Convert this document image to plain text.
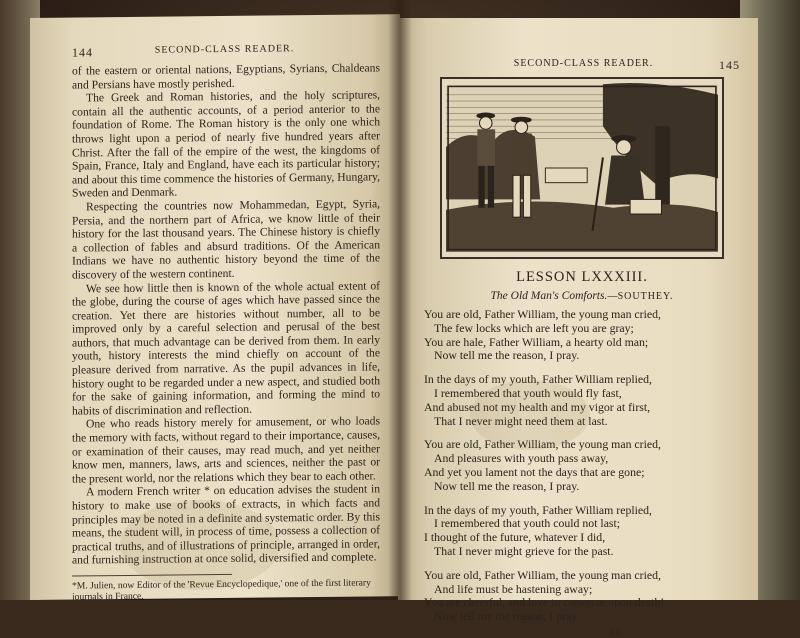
144	SECOND-CLASS READER.

of the eastern or oriental nations, Egyptians, Syrians, Chaldeans and Persians have mostly perished.

The Greek and Roman histories, and the holy scriptures, contain all the authentic accounts, of a period anterior to the foundation of Rome. The Roman history is the only one which throws light upon a period of nearly five hundred years after Christ. After the fall of the empire of the west, the kingdoms of Spain, France, Italy and England, have each its particular history; and about this time commence the histories of Germany, Hungary, Sweden and Denmark.

Respecting the countries now Mohammedan, Egypt, Syria, Persia, and the northern part of Africa, we know little of their history for the last thousand years. The Chinese history is chiefly a collection of fables and absurd traditions. Of the American Indians we have no authentic history beyond the time of the discovery of the western continent.

We see how little then is known of the whole actual extent of the globe, during the course of ages which have passed since the creation. Yet there are histories without number, all to be improved only by a careful selection and perusal of the best authors, that much advantage can be derived from them. In early youth, history interests the mind chiefly on account of the pleasure derived from narrative. As the pupil advances in life, history ought to be regarded under a new aspect, and studied both for the sake of gaining information, and forming the mind to habits of discrimination and reflection.

One who reads history merely for amusement, or who loads the memory with facts, without regard to their importance, causes, or examination of their causes, may read much, and yet neither know men, manners, laws, arts and sciences, neither the past or the present world, nor the relations which they bear to each other.

A modern French writer * on education advises the student in history to make use of books of extracts, in which facts and principles may be noted in a definite and systematic order. By this means, the student will, in process of time, possess a collection of practical truths, and of illustrations of principle, arranged in order, and furnishing instruction at once solid, diversified and complete.

*M. Julien, now Editor of the 'Revue Encyclopedique,' one of the first literary journals in France.
SECOND-CLASS READER.	145
LESSON LXXXIII.
The Old Man's Comforts.—SOUTHEY.
You are old, Father William, the young man cried,
The few locks which are left you are gray;
You are hale, Father William, a hearty old man;
Now tell me the reason, I pray.
In the days of my youth, Father William replied,
I remembered that youth would fly fast,
And abused not my health and my vigor at first,
That I never might need them at last.
You are old, Father William, the young man cried,
And pleasures with youth pass away,
And yet you lament not the days that are gone;
Now tell me the reason, I pray.
In the days of my youth, Father William replied,
I remembered that youth could not last;
I thought of the future, whatever I did,
That I never might grieve for the past.
You are old, Father William, the young man cried,
And life must be hastening away;
You are cheerful, and love to converse upon death!
Now tell me the reason, I pray.
13
